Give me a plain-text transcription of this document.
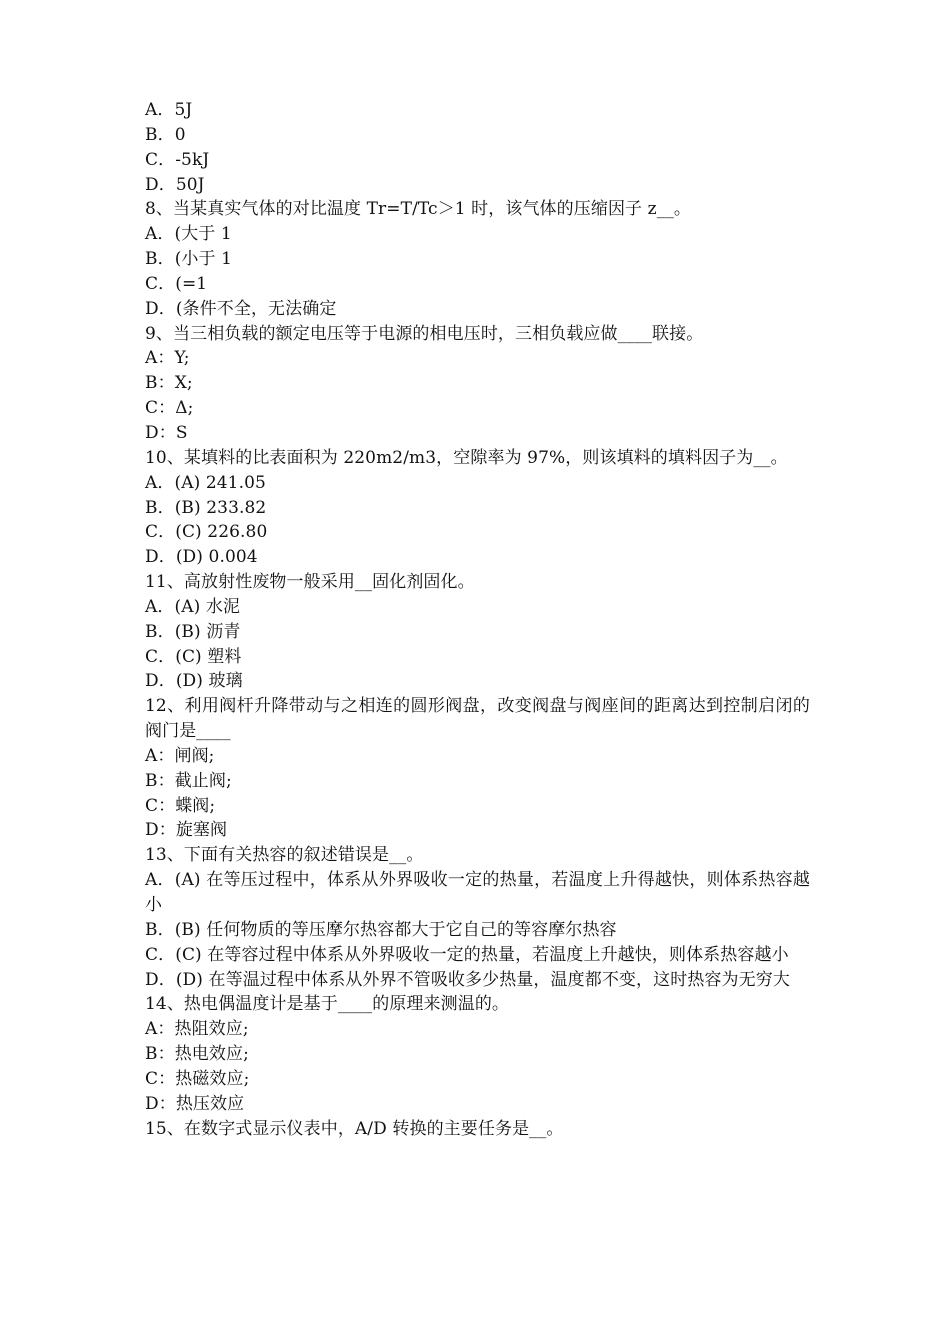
A．5J
B．0
C．-5kJ
D．50J
8、当某真实气体的对比温度 Tr=T/Tc＞1 时，该气体的压缩因子 z__。
A．(大于 1
B．(小于 1
C．(=1
D．(条件不全，无法确定
9、当三相负载的额定电压等于电源的相电压时，三相负载应做____联接。
A：Y;
B：X;
C：Δ;
D：S
10、某填料的比表面积为 220m2/m3，空隙率为 97%，则该填料的填料因子为__。
A．(A) 241.05
B．(B) 233.82
C．(C) 226.80
D．(D) 0.004
11、高放射性废物一般采用__固化剂固化。
A．(A) 水泥
B．(B) 沥青
C．(C) 塑料
D．(D) 玻璃
12、利用阀杆升降带动与之相连的圆形阀盘，改变阀盘与阀座间的距离达到控制启闭的阀门是____
A：闸阀;
B：截止阀;
C：蝶阀;
D：旋塞阀
13、下面有关热容的叙述错误是__。
A．(A) 在等压过程中，体系从外界吸收一定的热量，若温度上升得越快，则体系热容越小
B．(B) 任何物质的等压摩尔热容都大于它自己的等容摩尔热容
C．(C) 在等容过程中体系从外界吸收一定的热量，若温度上升越快，则体系热容越小
D．(D) 在等温过程中体系从外界不管吸收多少热量，温度都不变，这时热容为无穷大
14、热电偶温度计是基于____的原理来测温的。
A：热阻效应;
B：热电效应;
C：热磁效应;
D：热压效应
15、在数字式显示仪表中，A/D 转换的主要任务是__。
